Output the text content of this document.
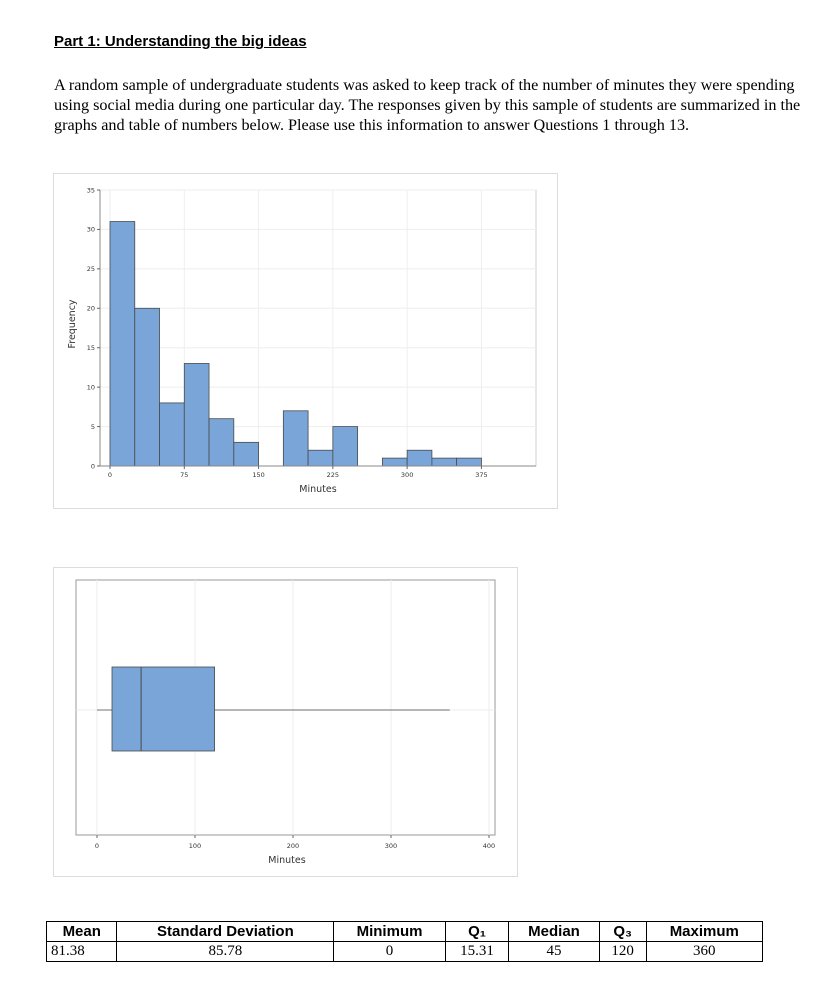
Part 1: Understanding the big ideas

A random sample of undergraduate students was asked to keep track of the number of minutes they were spending using social media during one particular day. The responses given by this sample of students are summarized in the graphs and table of numbers below. Please use this information to answer Questions 1 through 13.

0
5
10
15
20
25
30
35
0	75	150	225	300	375
Minutes
Frequency
0	100	200	300	400
Minutes
Mean	Standard Deviation	Minimum	Q₁	Median	Q₃	Maximum
81.38	85.78	0	15.31	45	120	360
